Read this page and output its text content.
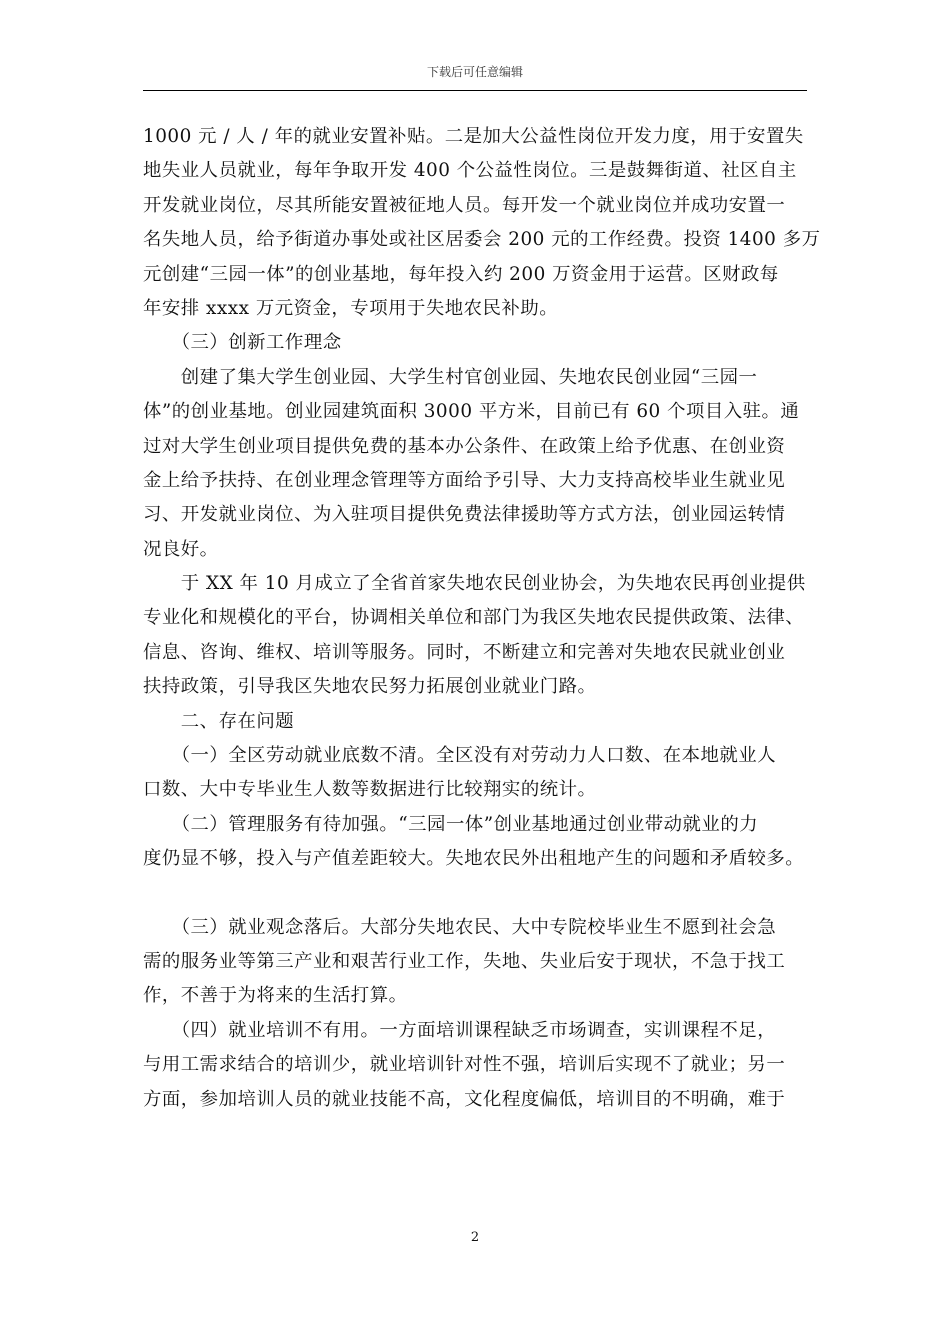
下载后可任意编辑
1000 元 / 人 / 年的就业安置补贴。二是加大公益性岗位开发力度，用于安置失
地失业人员就业，每年争取开发 400 个公益性岗位。三是鼓舞街道、社区自主
开发就业岗位，尽其所能安置被征地人员。每开发一个就业岗位并成功安置一
名失地人员，给予街道办事处或社区居委会 200 元的工作经费。投资 1400 多万
元创建“三园一体”的创业基地，每年投入约 200 万资金用于运营。区财政每
年安排 xxxx 万元资金，专项用于失地农民补助。
　　（三）创新工作理念
　　创建了集大学生创业园、大学生村官创业园、失地农民创业园“三园一
体”的创业基地。创业园建筑面积 3000 平方米，目前已有 60 个项目入驻。通
过对大学生创业项目提供免费的基本办公条件、在政策上给予优惠、在创业资
金上给予扶持、在创业理念管理等方面给予引导、大力支持高校毕业生就业见
习、开发就业岗位、为入驻项目提供免费法律援助等方式方法，创业园运转情
况良好。
　　于 XX 年 10 月成立了全省首家失地农民创业协会，为失地农民再创业提供
专业化和规模化的平台，协调相关单位和部门为我区失地农民提供政策、法律、
信息、咨询、维权、培训等服务。同时，不断建立和完善对失地农民就业创业
扶持政策，引导我区失地农民努力拓展创业就业门路。
　　二、存在问题
　　（一）全区劳动就业底数不清。全区没有对劳动力人口数、在本地就业人
口数、大中专毕业生人数等数据进行比较翔实的统计。
　　（二）管理服务有待加强。“三园一体”创业基地通过创业带动就业的力
度仍显不够，投入与产值差距较大。失地农民外出租地产生的问题和矛盾较多。
　　（三）就业观念落后。大部分失地农民、大中专院校毕业生不愿到社会急
需的服务业等第三产业和艰苦行业工作，失地、失业后安于现状，不急于找工
作，不善于为将来的生活打算。
　　（四）就业培训不有用。一方面培训课程缺乏市场调查，实训课程不足，
与用工需求结合的培训少，就业培训针对性不强，培训后实现不了就业；另一
方面，参加培训人员的就业技能不高，文化程度偏低，培训目的不明确，难于
2
